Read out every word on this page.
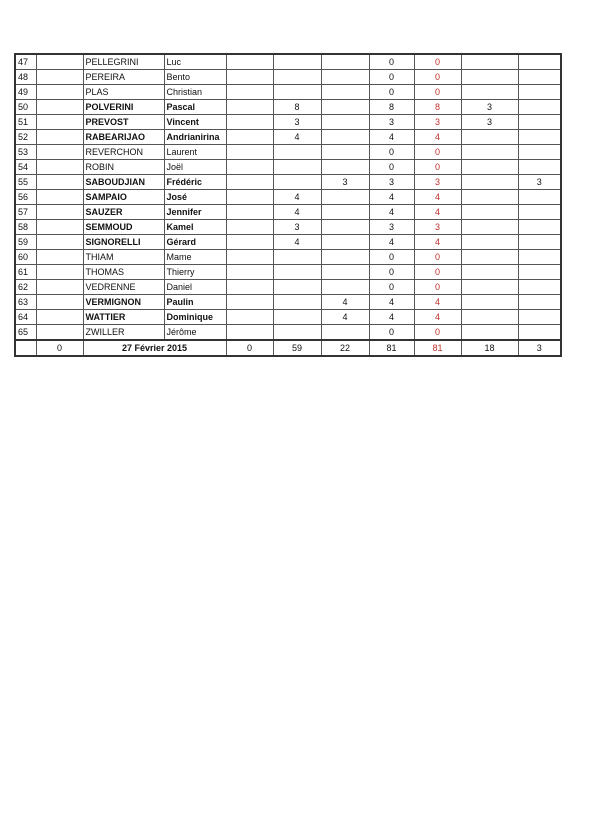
47		PELLEGRINI	Luc				0	0		
48		PEREIRA	Bento				0	0		
49		PLAS	Christian				0	0		
50		POLVERINI	Pascal		8		8	8	3	
51		PREVOST	Vincent		3		3	3	3	
52		RABEARIJAO	Andrianirina		4		4	4		
53		REVERCHON	Laurent				0	0		
54		ROBIN	Joël				0	0		
55		SABOUDJIAN	Frédéric			3	3	3		3
56		SAMPAIO	José		4		4	4		
57		SAUZER	Jennifer		4		4	4		
58		SEMMOUD	Kamel		3		3	3		
59		SIGNORELLI	Gérard		4		4	4		
60		THIAM	Mame				0	0		
61		THOMAS	Thierry				0	0		
62		VEDRENNE	Daniel				0	0		
63		VERMIGNON	Paulin			4	4	4		
64		WATTIER	Dominique			4	4	4		
65		ZWILLER	Jérôme				0	0		
	0	27 Février 2015		0	59	22	81	81	18	3
